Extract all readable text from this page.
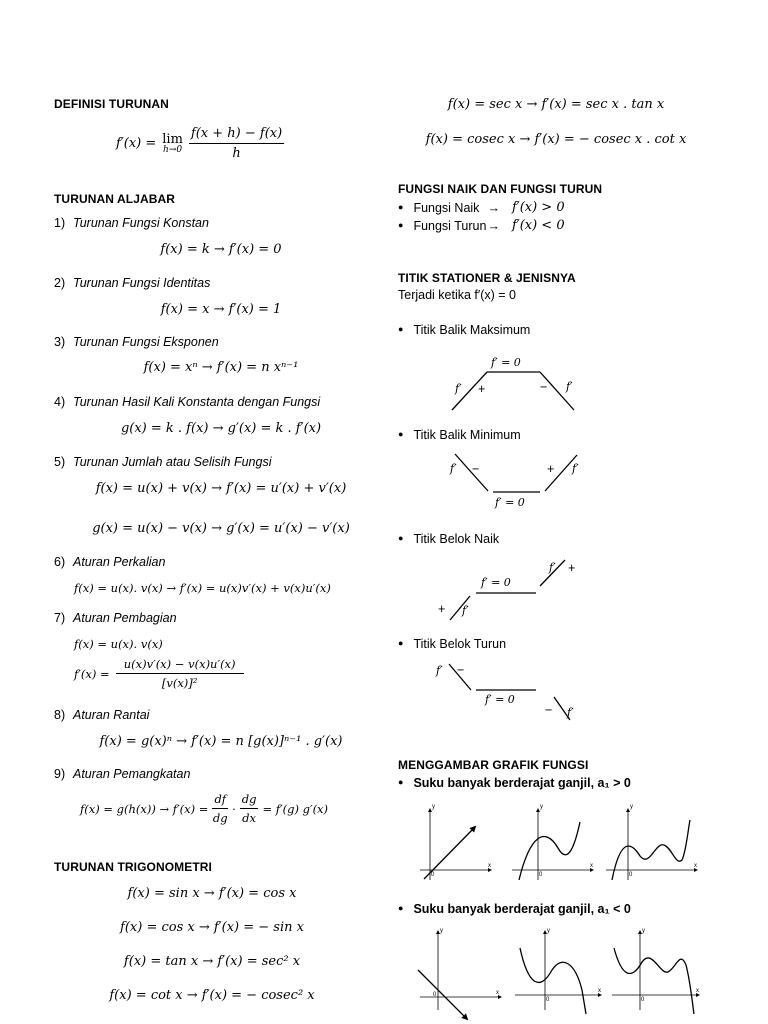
DEFINISI TURUNAN
f′(x) = lim
$h\to 0 \frac{f(x + h) - f(x)}{h}$
TURUNAN ALJABAR
1) Turunan Fungsi Konstan
f(x) = k → f′(x) = 0
2) Turunan Fungsi Identitas
f(x) = x → f′(x) = 1
3) Turunan Fungsi Eksponen
f(x) = xⁿ → f′(x) = n xⁿ⁻¹
4) Turunan Hasil Kali Konstanta dengan Fungsi
g(x) = k . f(x) → g′(x) = k . f′(x)
5) Turunan Jumlah atau Selisih Fungsi
f(x) = u(x) + v(x) → f′(x) = u′(x) + v′(x)
g(x) = u(x) − v(x) → g′(x) = u′(x) − v′(x)
6) Aturan Perkalian
f(x) = u(x). v(x) → f′(x) = u(x)v′(x) + v(x)u′(x)
7) Aturan Pembagian
f(x) = u(x). v(x)
$f'(x) = \frac{u(x)v'(x) - v(x)u'(x)}{\text{[v(x)]²}}$
8) Aturan Rantai
f(x) = g(x)ⁿ → f′(x) = n [g(x)]ⁿ⁻¹ . g′(x)
9) Aturan Pemangkatan
$f(x) = g(h(x)) \to f'(x) = \frac{df}{dg} \cdot \frac{dg}{dx} = f'(g)$ g′(x)
TURUNAN TRIGONOMETRI
f(x) = sin x → f′(x) = cos x
f(x) = cos x → f′(x) = − sin x
f(x) = tan x → f′(x) = sec² x
f(x) = cot x → f′(x) = − cosec² x
f(x) = sec x → f′(x) = sec x . tan x
f(x) = cosec x → f′(x) = − cosec x . cot x
FUNGSI NAIK DAN FUNGSI TURUN
● Fungsi Naik → f′(x) > 0
● Fungsi Turun → f′(x) < 0
TITIK STATIONER & JENISNYA
Terjadi ketika f′(x) = 0
● Titik Balik Maksimum
f′ = 0
f′ +	− f′
● Titik Balik Minimum
f′ −	+ f′
f′ = 0
● Titik Belok Naik
f′ +
f′ = 0
+ f′
● Titik Belok Turun
f′ −
f′ = 0
− f′
MENGGAMBAR GRAFIK FUNGSI
● Suku banyak berderajat ganjil, a₁ > 0
y
x
0
y
x
0
y
x
0
● Suku banyak berderajat ganjil, a₁ < 0
y
x
0
y
x
0
y
x
0
